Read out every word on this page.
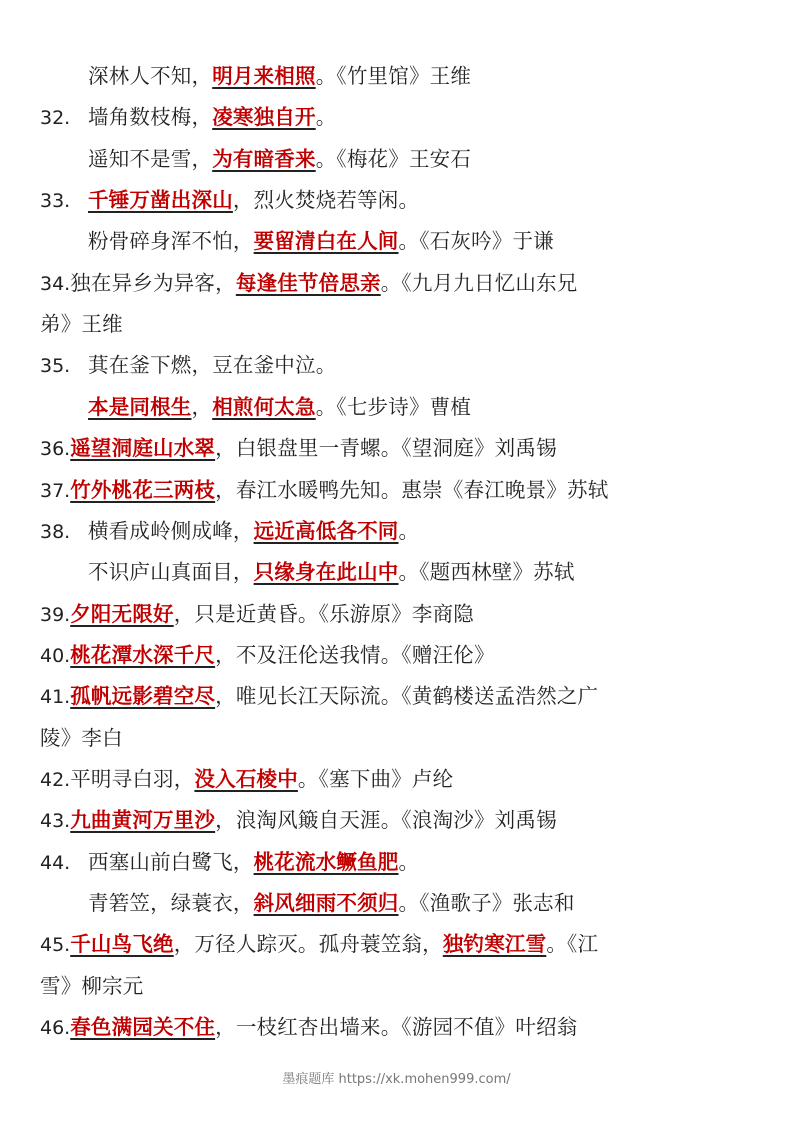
深林人不知，明月来相照。《竹里馆》王维
32. 墙角数枝梅，凌寒独自开。
遥知不是雪，为有暗香来。《梅花》王安石
33. 千锤万凿出深山，烈火焚烧若等闲。
粉骨碎身浑不怕，要留清白在人间。《石灰吟》于谦
34.独在异乡为异客，每逢佳节倍思亲。《九月九日忆山东兄
弟》王维
35. 萁在釜下燃，豆在釜中泣。
本是同根生，相煎何太急。《七步诗》曹植
36.遥望洞庭山水翠，白银盘里一青螺。《望洞庭》刘禹锡
37.竹外桃花三两枝，春江水暖鸭先知。惠崇《春江晚景》苏轼
38. 横看成岭侧成峰，远近高低各不同。
不识庐山真面目，只缘身在此山中。《题西林壁》苏轼
39.夕阳无限好，只是近黄昏。《乐游原》李商隐
40.桃花潭水深千尺，不及汪伦送我情。《赠汪伦》
41.孤帆远影碧空尽，唯见长江天际流。《黄鹤楼送孟浩然之广
陵》李白
42.平明寻白羽，没入石棱中。《塞下曲》卢纶
43.九曲黄河万里沙，浪淘风簸自天涯。《浪淘沙》刘禹锡
44. 西塞山前白鹭飞，桃花流水鳜鱼肥。
青箬笠，绿蓑衣，斜风细雨不须归。《渔歌子》张志和
45.千山鸟飞绝，万径人踪灭。孤舟蓑笠翁，独钓寒江雪。《江
雪》柳宗元
46.春色满园关不住，一枝红杏出墙来。《游园不值》叶绍翁
墨痕题库 https://xk.mohen999.com/
